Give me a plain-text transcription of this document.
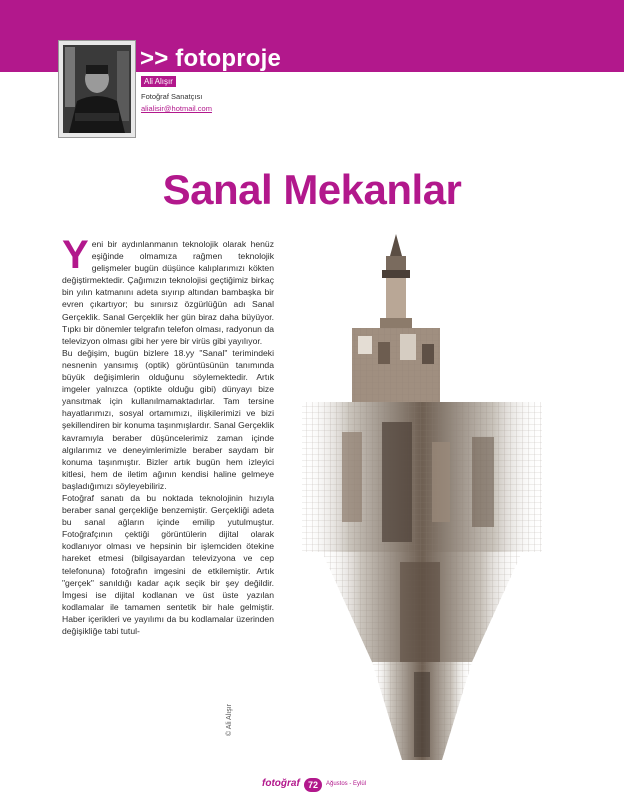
>> fotoproje
Ali Alışır
Fotoğraf Sanatçısı
alialisir@hotmail.com
Sanal Mekanlar

Yeni bir aydınlanmanın teknolojik olarak henüz eşiğinde olmamıza rağmen teknolojik gelişmeler bugün düşünce kalıplarımızı kökten değiştirmektedir. Çağımızın teknolojisi geçtiğimiz birkaç bin yılın katmanını adeta sıyırıp altından bambaşka bir evren çıkartıyor; bu sınırsız özgürlüğün adı Sanal Gerçeklik. Sanal Gerçeklik her gün biraz daha büyüyor. Tıpkı bir dönemler telgrafın telefon olması, radyonun da televizyon olması gibi her yere bir virüs gibi yayılıyor.

Bu değişim, bugün bizlere 18.yy "Sanal" terimindeki nesnenin yansımış (optik) görüntüsünün tanımında büyük değişimlerin olduğunu söylemektedir. Artık imgeler yalnızca (optikte olduğu gibi) dünyayı bize yansıtmak için kullanılmamaktadırlar. Tam tersine hayatlarımızı, sosyal ortamımızı, ilişkilerimizi ve bizi şekillendiren bir konuma taşınmışlardır. Sanal Gerçeklik kavramıyla beraber düşüncelerimiz zaman içinde algılarımız ve deneyimlerimizle beraber saydam bir konuma taşınmıştır. Bizler artık bugün hem izleyici kitlesi, hem de iletim ağının kendisi haline gelmeye başladığımızı söyleyebiliriz.

Fotoğraf sanatı da bu noktada teknolojinin hızıyla beraber sanal gerçekliğe benzemiştir. Gerçekliği adeta bu sanal ağların içinde emilip yutulmuştur. Fotoğrafçının çektiği görüntülerin dijital olarak kodlanıyor olması ve hepsinin bir işlemciden ötekine hareket etmesi (bilgisayardan televizyona ve cep telefonuna) fotoğrafın imgesini de etkilemiştir. Artık "gerçek" sanıldığı kadar açık seçik bir şey değildir. İmgesi ise dijital kodlanan ve üst üste yazılan kodlamalar ile tamamen sentetik bir hale gelmiştir. Haber içerikleri ve yayılımı da bu kodlamalar üzerinden değişikliğe tabi tutul-

© Ali Alışır
fotoğraf 72	Ağustos - Eylül
